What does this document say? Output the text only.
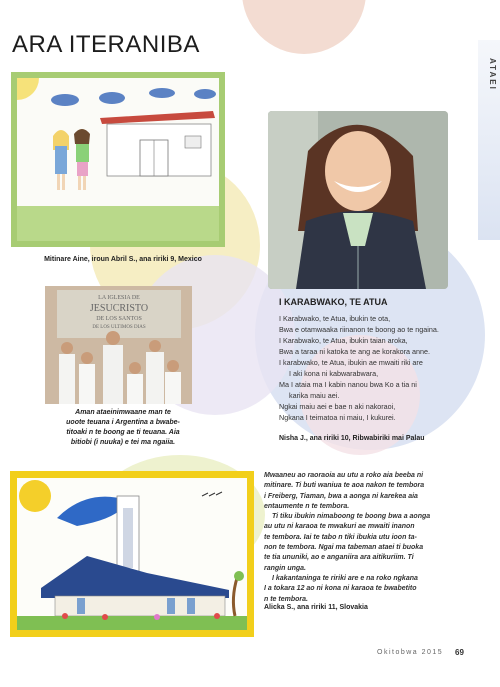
ARA ITERANIBA
ATAEI
Mitinare Aine, iroun Abril S., ana ririki 9, Mexico
LA IGLESIA DE
JESUCRISTO
DE LOS SANTOS
DE LOS ULTIMOS DIAS
Aman ataeinimwaane man te
uoote teuana i Argentina a bwabe-
titoaki n te boong ae ti teuana. Aia
bitiobi (i nuuka) e tei ma ngaiia.
I KARABWAKO, TE ATUA
I Karabwako, te Atua, ibukin te ota,
Bwa e otamwaaka riinanon te boong ao te ngaina.
I Karabwako, te Atua, ibukin taian aroka,
Bwa a taraa ni katoka te ang ae korakora anne.
I karabwako, te Atua, ibukin ae mwaiti riki are
I aki kona ni kabwarabwara,
Ma I ataia ma I kabin nanou bwa Ko a tia ni
karika maiu aei.
Ngkai maiu aei e bae n aki nakoraoi,
Ngkana I teimatoa ni maiu, I kukurei.
Nisha J., ana ririki 10, Ribwabiriki mai Palau
Mwaaneu ao raoraoia au utu a roko aia beeba ni
mitinare. Ti buti waniua te aoa nakon te tembora
i Freiberg, Tiaman, bwa a aonga ni karekea aia
entaumente n te tembora.
Ti tiku ibukin nimaboong te boong bwa a aonga
au utu ni karaoa te mwakuri ae mwaiti inanon
te tembora. Iai te tabo n tiki ibukia utu ioon ta-
non te tembora. Ngai ma tabeman ataei ti buoka
te tia ununiki, ao e anganiira ara aitikuriim. Ti
rangin unga.
I kakantaninga te ririki are e na roko ngkana
I a tokara 12 ao ni kona ni karaoa te bwabetito
n te tembora.
Alicka S., ana ririki 11, Slovakia
Okitobwa 2015 69
